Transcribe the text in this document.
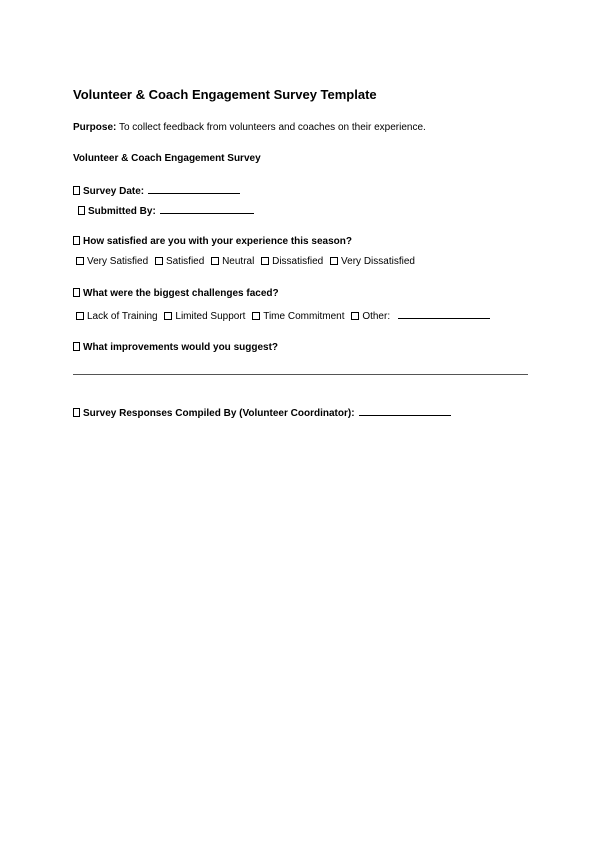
Volunteer & Coach Engagement Survey Template
Purpose: To collect feedback from volunteers and coaches on their experience.
Volunteer & Coach Engagement Survey
Survey Date:
Submitted By:
How satisfied are you with your experience this season?
Very Satisfied Satisfied Neutral Dissatisfied Very Dissatisfied
What were the biggest challenges faced?
Lack of Training Limited Support Time Commitment Other:
What improvements would you suggest?
Survey Responses Compiled By (Volunteer Coordinator):
